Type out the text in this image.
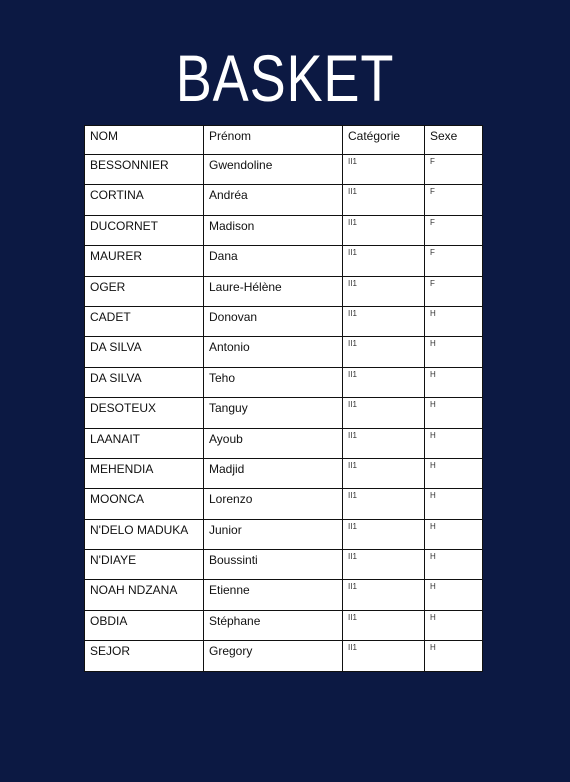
BASKET
NOM	Prénom	Catégorie	Sexe
BESSONNIER	Gwendoline	II1	F
CORTINA	Andréa	II1	F
DUCORNET	Madison	II1	F
MAURER	Dana	II1	F
OGER	Laure-Hélène	II1	F
CADET	Donovan	II1	H
DA SILVA	Antonio	II1	H
DA SILVA	Teho	II1	H
DESOTEUX	Tanguy	II1	H
LAANAIT	Ayoub	II1	H
MEHENDIA	Madjid	II1	H
MOONCA	Lorenzo	II1	H
N'DELO MADUKA	Junior	II1	H
N'DIAYE	Boussinti	II1	H
NOAH NDZANA	Etienne	II1	H
OBDIA	Stéphane	II1	H
SEJOR	Gregory	II1	H
